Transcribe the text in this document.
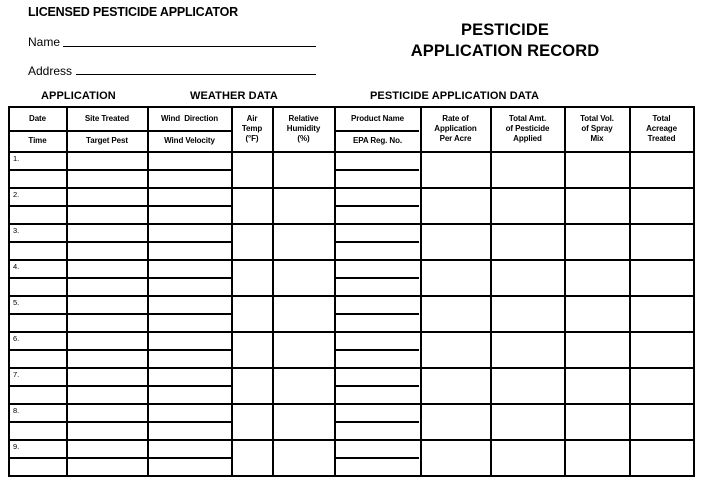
LICENSED PESTICIDE APPLICATOR
Name
Address
PESTICIDE
APPLICATION RECORD
APPLICATION	WEATHER DATA	PESTICIDE APPLICATION DATA
Date
Time
Site Treated
Target Pest
Wind  Direction
Wind Velocity
Air
Temp
(°F)
Relative
Humidity
(%)
Product Name
EPA Reg. No.
Rate of
Application
Per Acre
Total Amt.
of Pesticide
Applied
Total Vol.
of Spray
Mix
Total
Acreage
Treated
1.
2.
3.
4.
5.
6.
7.
8.
9.
